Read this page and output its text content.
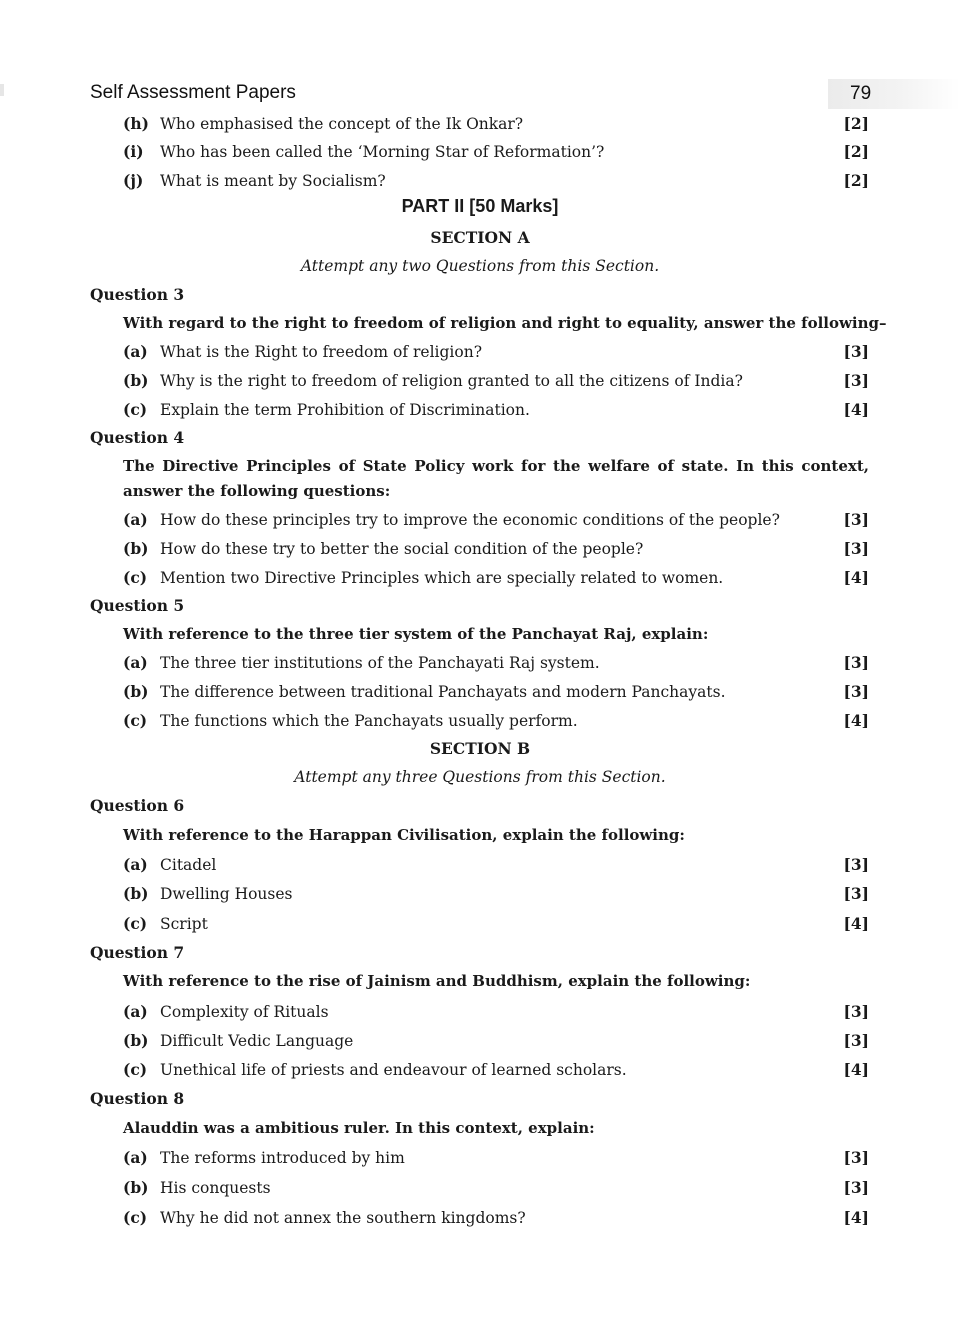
Self Assessment Papers	79
(h) Who emphasised the concept of the Ik Onkar?	[2]
(i) Who has been called the ‘Morning Star of Reformation’?	[2]
(j) What is meant by Socialism?	[2]
PART II [50 Marks]
SECTION A
Attempt any two Questions from this Section.
Question 3
With regard to the right to freedom of religion and right to equality, answer the following–
(a) What is the Right to freedom of religion?	[3]
(b) Why is the right to freedom of religion granted to all the citizens of India?	[3]
(c) Explain the term Prohibition of Discrimination.	[4]
Question 4
The Directive Principles of State Policy work for the welfare of state. In this context, answer the following questions:
(a) How do these principles try to improve the economic conditions of the people?	[3]
(b) How do these try to better the social condition of the people?	[3]
(c) Mention two Directive Principles which are specially related to women.	[4]
Question 5
With reference to the three tier system of the Panchayat Raj, explain:
(a) The three tier institutions of the Panchayati Raj system.	[3]
(b) The difference between traditional Panchayats and modern Panchayats.	[3]
(c) The functions which the Panchayats usually perform.	[4]
SECTION B
Attempt any three Questions from this Section.
Question 6
With reference to the Harappan Civilisation, explain the following:
(a) Citadel	[3]
(b) Dwelling Houses	[3]
(c) Script	[4]
Question 7
With reference to the rise of Jainism and Buddhism, explain the following:
(a) Complexity of Rituals	[3]
(b) Difficult Vedic Language	[3]
(c) Unethical life of priests and endeavour of learned scholars.	[4]
Question 8
Alauddin was a ambitious ruler. In this context, explain:
(a) The reforms introduced by him	[3]
(b) His conquests	[3]
(c) Why he did not annex the southern kingdoms?	[4]
